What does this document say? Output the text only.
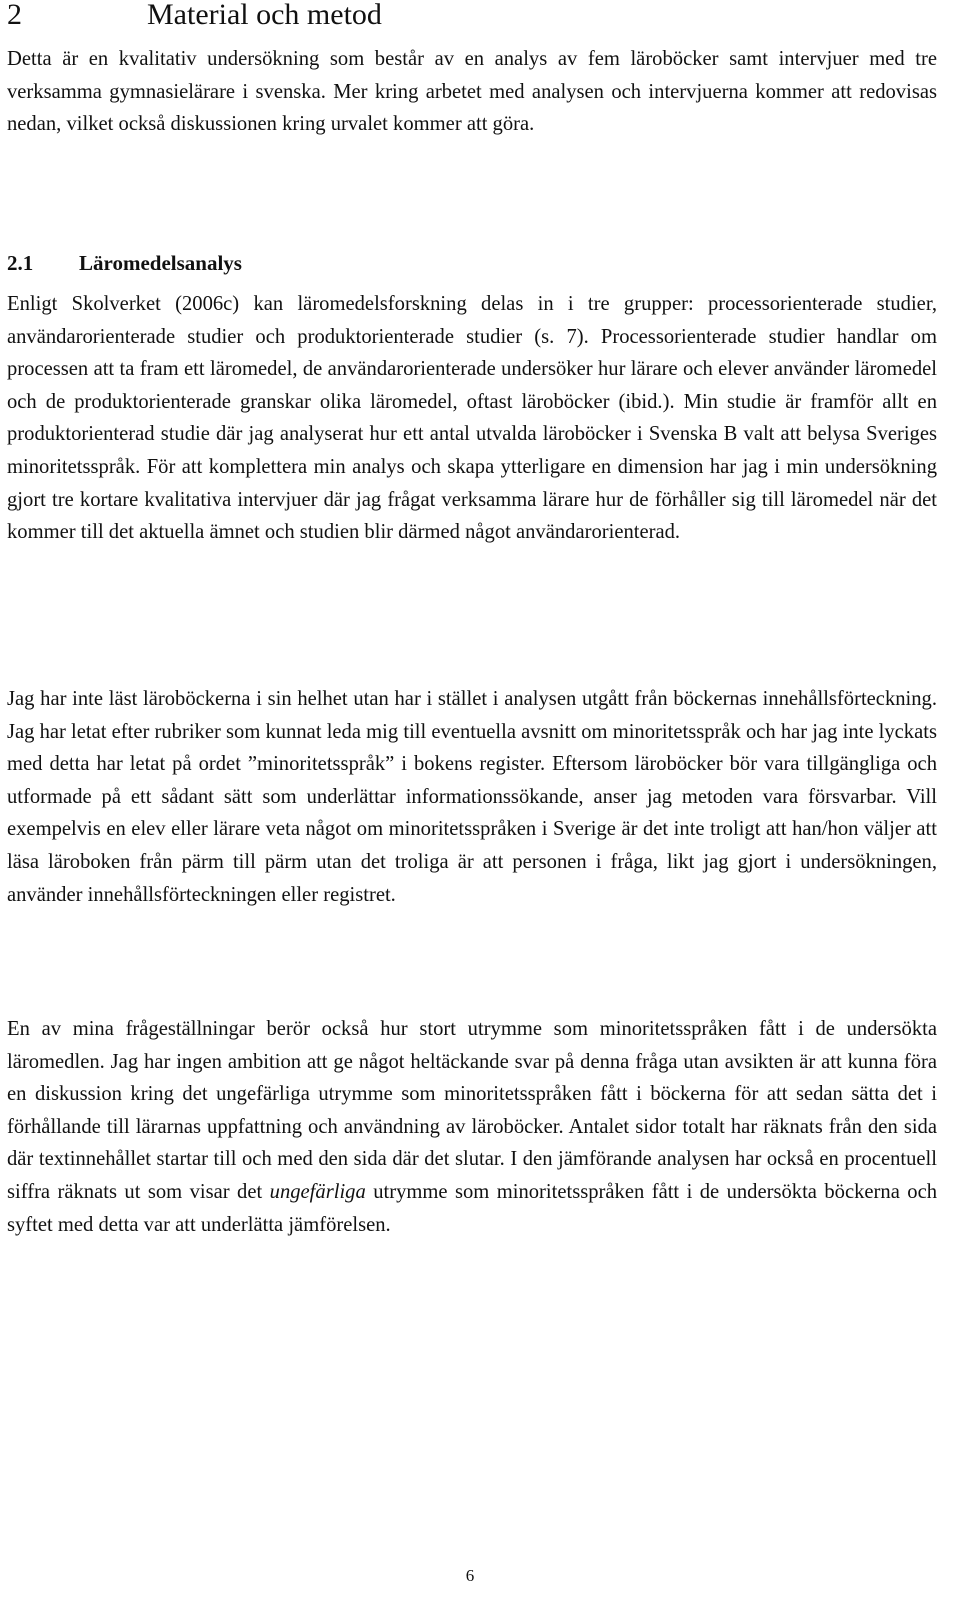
2	Material och metod

Detta är en kvalitativ undersökning som består av en analys av fem läroböcker samt intervjuer med tre verksamma gymnasielärare i svenska. Mer kring arbetet med analysen och intervjuerna kommer att redovisas nedan, vilket också diskussionen kring urvalet kommer att göra.

2.1 Läromedelsanalys

Enligt Skolverket (2006c) kan läromedelsforskning delas in i tre grupper: processorienterade studier, användarorienterade studier och produktorienterade studier (s. 7). Processorienterade studier handlar om processen att ta fram ett läromedel, de användarorienterade undersöker hur lärare och elever använder läromedel och de produktorienterade granskar olika läromedel, oftast läroböcker (ibid.). Min studie är framför allt en produktorienterad studie där jag analyserat hur ett antal utvalda läroböcker i Svenska B valt att belysa Sveriges minoritetsspråk. För att komplettera min analys och skapa ytterligare en dimension har jag i min undersökning gjort tre kortare kvalitativa intervjuer där jag frågat verksamma lärare hur de förhåller sig till läromedel när det kommer till det aktuella ämnet och studien blir därmed något användarorienterad.

Jag har inte läst läroböckerna i sin helhet utan har i stället i analysen utgått från böckernas innehållsförteckning. Jag har letat efter rubriker som kunnat leda mig till eventuella avsnitt om minoritetsspråk och har jag inte lyckats med detta har letat på ordet ”minoritetsspråk” i bokens register. Eftersom läroböcker bör vara tillgängliga och utformade på ett sådant sätt som underlättar informationssökande, anser jag metoden vara försvarbar. Vill exempelvis en elev eller lärare veta något om minoritetsspråken i Sverige är det inte troligt att han/hon väljer att läsa läroboken från pärm till pärm utan det troliga är att personen i fråga, likt jag gjort i undersökningen, använder innehållsförteckningen eller registret.

En av mina frågeställningar berör också hur stort utrymme som minoritetsspråken fått i de undersökta läromedlen. Jag har ingen ambition att ge något heltäckande svar på denna fråga utan avsikten är att kunna föra en diskussion kring det ungefärliga utrymme som minoritetsspråken fått i böckerna för att sedan sätta det i förhållande till lärarnas uppfattning och användning av läroböcker. Antalet sidor totalt har räknats från den sida där textinnehållet startar till och med den sida där det slutar. I den jämförande analysen har också en procentuell siffra räknats ut som visar det ungefärliga utrymme som minoritetsspråken fått i de undersökta böckerna och syftet med detta var att underlätta jämförelsen.

6
